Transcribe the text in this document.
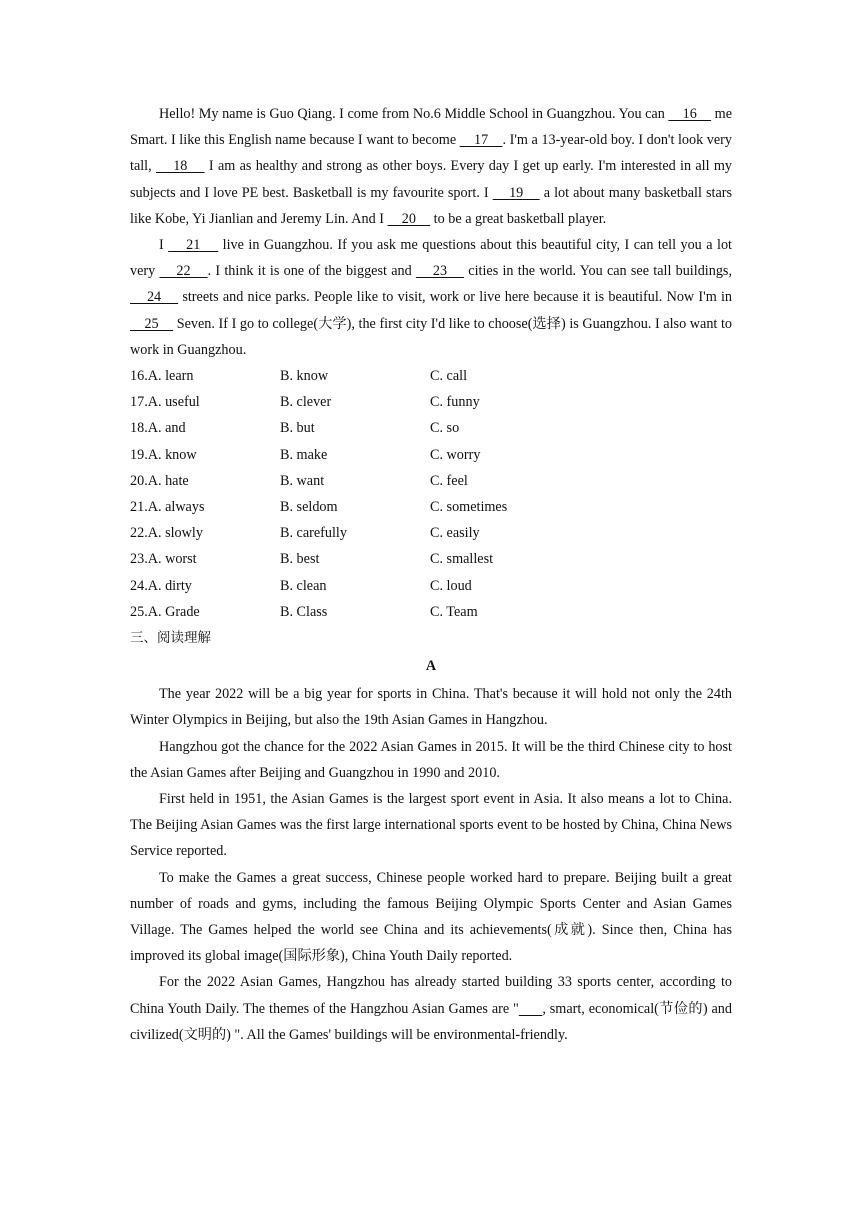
Hello! My name is Guo Qiang. I come from No.6 Middle School in Guangzhou. You can     16     me Smart. I like this English name because I want to become     17    . I'm a 13-year-old boy. I don't look very tall,     18     I am as healthy and strong as other boys. Every day I get up early. I'm interested in all my subjects and I love PE best. Basketball is my favourite sport. I     19     a lot about many basketball stars like Kobe, Yi Jianlian and Jeremy Lin. And I     20     to be a great basketball player.

I     21     live in Guangzhou. If you ask me questions about this beautiful city, I can tell you a lot very     22    . I think it is one of the biggest and     23     cities in the world. You can see tall buildings,     24     streets and nice parks. People like to visit, work or live here because it is beautiful. Now I'm in     25     Seven. If I go to college(大学), the first city I'd like to choose(选择) is Guangzhou. I also want to work in Guangzhou.

16.A. learn	B. know	C. call
17.A. useful	B. clever	C. funny
18.A. and	B. but	C. so
19.A. know	B. make	C. worry
20.A. hate	B. want	C. feel
21.A. always	B. seldom	C. sometimes
22.A. slowly	B. carefully	C. easily
23.A. worst	B. best	C. smallest
24.A. dirty	B. clean	C. loud
25.A. Grade	B. Class	C. Team

三、阅读理解

A

The year 2022 will be a big year for sports in China. That's because it will hold not only the 24th Winter Olympics in Beijing, but also the 19th Asian Games in Hangzhou.

Hangzhou got the chance for the 2022 Asian Games in 2015. It will be the third Chinese city to host the Asian Games after Beijing and Guangzhou in 1990 and 2010.

First held in 1951, the Asian Games is the largest sport event in Asia. It also means a lot to China. The Beijing Asian Games was the first large international sports event to be hosted by China, China News Service reported.

To make the Games a great success, Chinese people worked hard to prepare. Beijing built a great number of roads and gyms, including the famous Beijing Olympic Sports Center and Asian Games Village. The Games helped the world see China and its achievements(成就). Since then, China has improved its global image(国际形象), China Youth Daily reported.

For the 2022 Asian Games, Hangzhou has already started building 33 sports center, according to China Youth Daily. The themes of the Hangzhou Asian Games are " , smart, economical(节俭的) and civilized(文明的) ". All the Games' buildings will be environmental-friendly.
